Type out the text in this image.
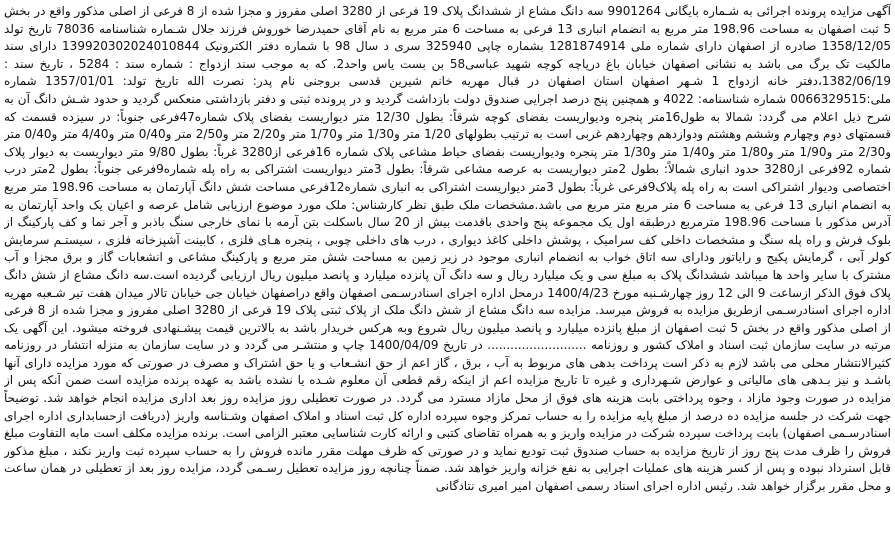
آگهی مزایده پرونده اجرائی به شـماره بایگانی 9901264 سه دانگ مشاع از ششدانگ پلاک 19 فرعی از 3280 اصلی مفروز و مجزا شده از 8 فرعی از اصلی مذکور واقع در بخش 5 ثبت اصفهان به مساحت 198.96 متر مربع به انضمام انباری 13 فرعی به مساحت 6 متر مربع به نام آقای حمیدرضا خوروش فرزند جلال شـماره شناسنامه 78036 تاریخ تولد 1358/12/05 صادره از اصفهان دارای شماره ملی 1281874914 بشماره چاپی 325940 سری د سال 98 با شماره دفتر الکترونیک 139920302024010844 دارای سند مالکیت تک برگ می باشد به نشانی اصفهان خیابان باغ دریاچه کوچه شهید عباسی58 بن بست یاس واحد2. که به موجب سند ازدواج : شماره سند : 5284 ، تاریخ سند : 1382/06/19،دفتر خانه ازدواج 1 شـهر اصفهان استان اصفهان در قبال مهریه خانم شیرین قدسی بروجنی نام پدر: نصرت الله تاریخ تولد: 1357/01/01 شماره ملی:0066329515 شماره شناسنامه: 4022 و همچنین پنج درصد اجرایی صندوق دولت بازداشت گردید و در پرونده ثبتی و دفتر بازداشتی منعکس گردید و حدود شـش دانگ آن به شرح ذیل اعلام می گردد: شمالا به طول16متر پنجره ودیواریست بفضای کوچه شرقاً: بطول 12/30 متر دیواریست بفضای پلاک شماره47فرعی جنوباً: در سیزده قسمت که قسمتهای دوم وچهارم وششم وهشتم ودوازدهم وچهاردهم غربی است به ترتیب بطولهای 1/20 متر و1/30 متر و1/70 متر و2/20 متر و2/50 متر و0/40 متر و4/40 متر و0/40 متر و2/30 متر و1/90 متر و1/80 متر و1/40 متر و1/30 متر پنجره ودیواریست بفضای حیاط مشاعی پلاک شماره 16فرعی از3280 غرباً: بطول 9/80 متر دیواریست به دیوار پلاک شماره 92فرعی از3280 حدود انباری شمالاً: بطول 2متر دیواریست به عرصه مشاعی شرقاً: بطول 3متر دیواریست اشتراکی به راه پله شماره9فرعی جنوباً: بطول 2متر درب اختصاصی ودیوار اشتراکی است به راه پله پلاک9فرعی غرباً: بطول 3متر دیواریست اشتراکی به انباری شماره12فرعی مساحت شش دانگ آپارتمان به مساحت 198.96 متر مربع به انضمام انباری 13 فرعی به مساحت 6 متر مربع متر مربع می باشد.مشخصات ملک طبق نظر کارشناس: ملک مورد موضوع ارزیابی شامل عرصه و اعیان یک واحد آپارتمان به آدرس مذکور با مساحت 198.96 مترمربع درطبقه اول یک مجموعه پنج واحدی باقدمت بیش از 20 سال باسکلت بتن آرمه با نمای خارجی سنگ باذبر و آجر نما و کف پارکینگ از بلوک فرش و راه پله سنگ و مشخصات داخلی کف سرامیک ، پوشش داخلی کاغذ دیواری ، درب های داخلی چوبی ، پنجره هـای فلزی ، کابینت آشپزخانه فلزی ، سیستـم سرمایش کولر آبی ، گرمایش پکیج و رایاتور ودارای سه اتاق خواب به انضمام انباری موجود در زیر زمین به مساحت شش متر مربع و پارکینگ مشاعی و انشعابات گاز و برق مجزا و آب مشترک با سایر واحد ها میباشد ششدانگ پلاک به مبلغ سی و یک میلیارد ریال و سه دانگ آن پانزده میلیارد و پانصد میلیون ریال ارزیابی گردیده است.سه دانگ مشاع از شش دانگ پلاک فوق الذکر ازساعت 9 الی 12 روز چهارشـنبه مورخ 1400/4/23 درمحل اداره اجرای اسنادرسـمی اصفهان واقع دراصفهان خیابان جی خیابان تالار میدان هفت تیر شـعبه مهریه اداره اجرای اسنادرسـمی ازطریق مزایده به فروش میرسد. مزایده سه دانگ مشاع از شش دانگ ملک از پلاک ثبتی پلاک 19 فرعی از 3280 اصلی مفروز و مجزا شده از 8 فرعی از اصلی مذکور واقع در بخش 5 ثبت اصفهان از مبلغ پانزده میلیارد و پانصد میلیون ریال شروع وبه هرکس خریدار باشد به بالاترین قیمت پیشـنهادی فروخته میشود. این آگهی یک مرتبه در سایت سازمان ثبت اسناد و املاک کشور و روزنامه .......................... در تاریخ 1400/04/09 چاپ و منتشـر می گردد و در سایت سازمان به منزله انتشار در روزنامه کثیرالانتشار محلی می باشد لازم به ذکر است پرداخت بدهی های مربوط به آب ، برق ، گاز اعم از حق انشـعاب و یا حق اشتراک و مصرف در صورتی که مورد مزایده دارای آنها باشـد و نیز بـدهی های مالیاتی و عوارض شـهرداری و غیره تا تاریخ مزایده اعم از اینکه رقم قطعی آن معلوم شـده یا نشده باشد به عهده برنده مزایده است ضمن آنکه پس از مزایده در صورت وجود مازاد ، وجوه پرداختی بابت هزینه های فوق از محل مازاد مسترد می گردد. در صورت تعطیلی روز مزایده روز بعد اداری مزایده انجام خواهد شد. توضیحاً جهت شرکت در جلسه مزایده ده درصد از مبلغ پایه مزایده را به حساب تمرکز وجوه سپرده اداره کل ثبت اسناد و املاک اصفهان وشـناسه واریز (دریافت ازحسابداری اداره اجرای اسنادرسـمی اصفهان) بابت پرداخت سپرده شرکت در مزایده واریز و به همراه تقاضای کتبی و ارائه کارت شناسایی معتبر الزامی است. برنده مزایده مکلف است مابه التفاوت مبلغ فروش را ظرف مدت پنج روز از تاریخ مزایده به حساب صندوق ثبت تودیع نماید و در صورتی که ظرف مهلت مقرر مانده فروش را به حساب سپرده ثبت واریز نکند ، مبلغ مذکور قابل استرداد نبوده و پس از کسر هزینه های عملیات اجرایی به نفع خزانه واریز خواهد شد. ضمناً چنانچه روز مزایده تعطیل رسـمی گردد، مزایده روز بعد از تعطیلی در همان ساعت و محل مقرر برگزار خواهد شد. رئیس اداره اجرای اسناد رسمی اصفهان امیر امیری نتادگانی
